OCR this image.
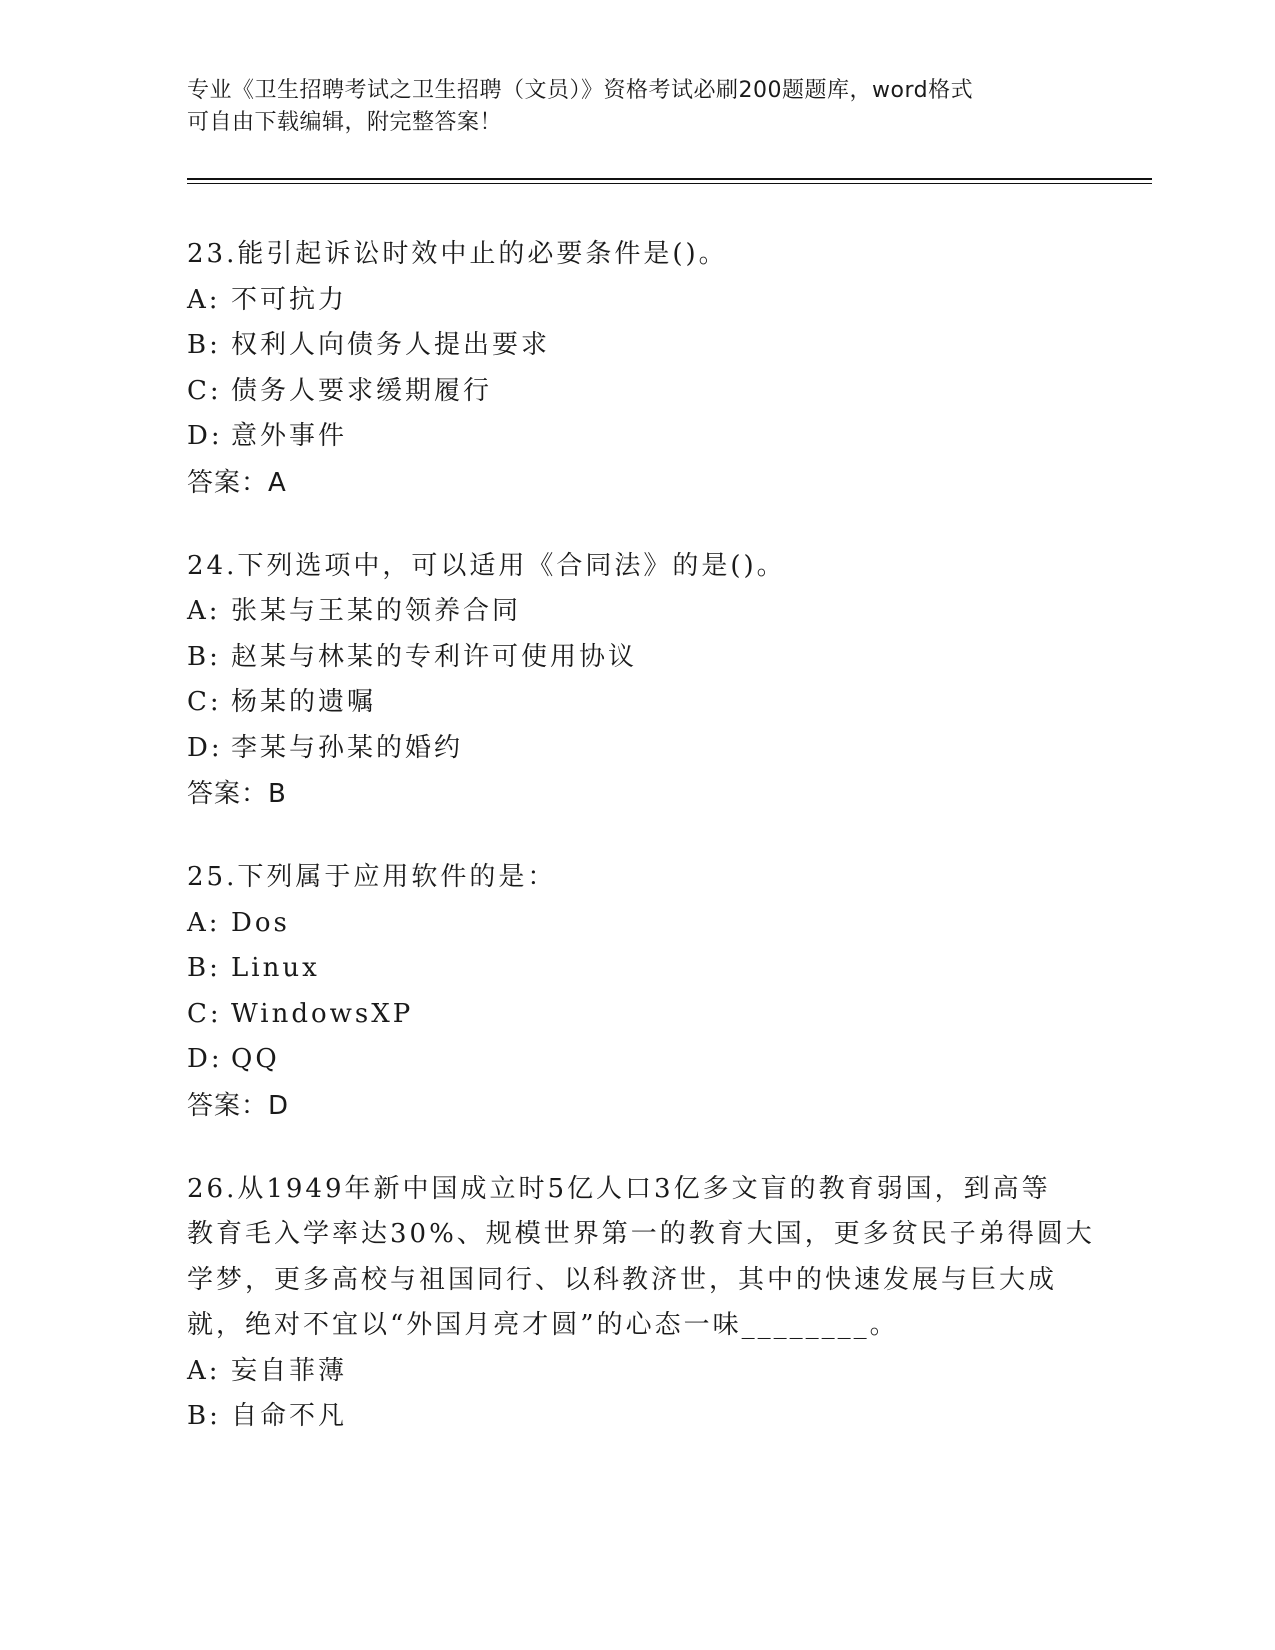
专业《卫生招聘考试之卫生招聘（文员）》资格考试必刷200题题库，word格式
可自由下载编辑，附完整答案！
23.能引起诉讼时效中止的必要条件是()。
A: 不可抗力
B: 权利人向债务人提出要求
C: 债务人要求缓期履行
D: 意外事件
答案：A
24.下列选项中，可以适用《合同法》的是()。
A: 张某与王某的领养合同
B: 赵某与林某的专利许可使用协议
C: 杨某的遗嘱
D: 李某与孙某的婚约
答案：B
25.下列属于应用软件的是：
A: Dos
B: Linux
C: WindowsXP
D: QQ
答案：D
26.从1949年新中国成立时5亿人口3亿多文盲的教育弱国，到高等
教育毛入学率达30%、规模世界第一的教育大国，更多贫民子弟得圆大
学梦，更多高校与祖国同行、以科教济世，其中的快速发展与巨大成
就，绝对不宜以“外国月亮才圆”的心态一味________。
A: 妄自菲薄
B: 自命不凡
